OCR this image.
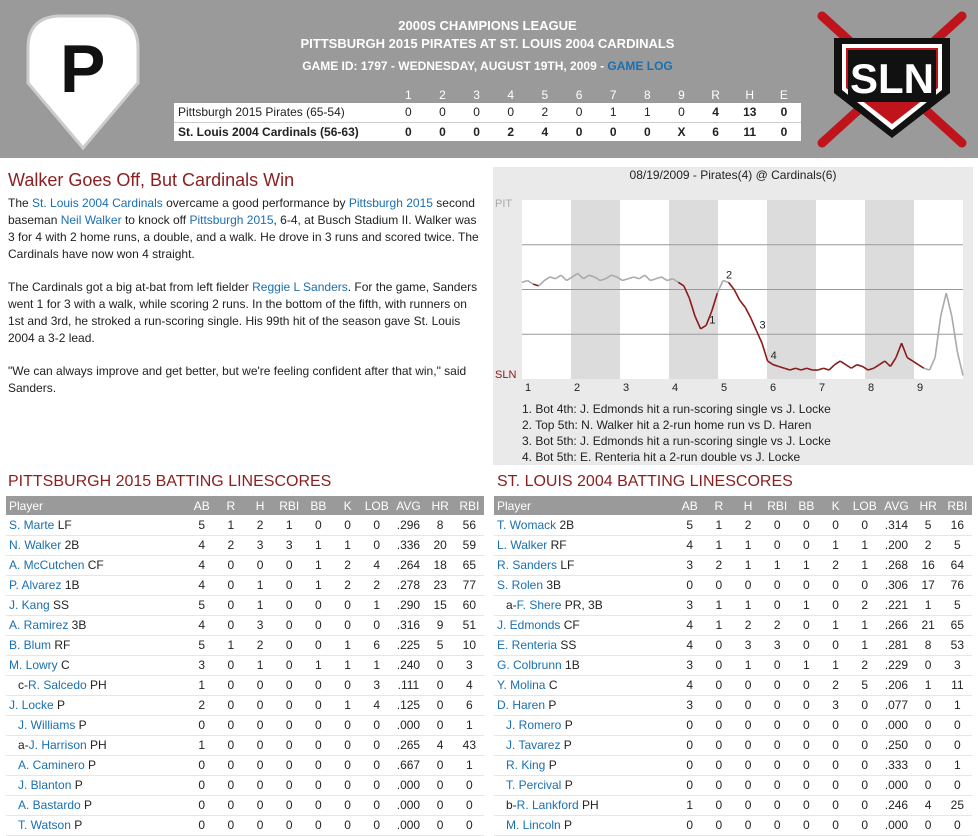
P
2000S CHAMPIONS LEAGUE
PITTSBURGH 2015 PIRATES AT ST. LOUIS 2004 CARDINALS
GAME ID: 1797 - WEDNESDAY, AUGUST 19TH, 2009 - GAME LOG
	1	2	3	4	5	6	7	8	9	R	H	E
Pittsburgh 2015 Pirates (65-54)	0	0	0	0	2	0	1	1	0	4	13	0
St. Louis 2004 Cardinals (56-63)	0	0	0	2	4	0	0	0	X	6	11	0
SLN
Walker Goes Off, But Cardinals Win

The St. Louis 2004 Cardinals overcame a good performance by Pittsburgh 2015 second baseman Neil Walker to knock off Pittsburgh 2015, 6-4, at Busch Stadium II. Walker was 3 for 4 with 2 home runs, a double, and a walk. He drove in 3 runs and scored twice. The Cardinals have now won 4 straight.

The Cardinals got a big at-bat from left fielder Reggie L Sanders. For the game, Sanders went 1 for 3 with a walk, while scoring 2 runs. In the bottom of the fifth, with runners on 1st and 3rd, he stroked a run-scoring single. His 99th hit of the season gave St. Louis 2004 a 3-2 lead.

"We can always improve and get better, but we're feeling confident after that win," said Sanders.

08/19/2009 - Pirates(4) @ Cardinals(6)
PIT
SLN
1	2	3	4	5	6	7	8	9
1
2
3
4
1. Bot 4th: J. Edmonds hit a run-scoring single vs J. Locke
2. Top 5th: N. Walker hit a 2-run home run vs D. Haren
3. Bot 5th: J. Edmonds hit a run-scoring single vs J. Locke
4. Bot 5th: E. Renteria hit a 2-run double vs J. Locke
PITTSBURGH 2015 BATTING LINESCORES	ST. LOUIS 2004 BATTING LINESCORES
Player	AB	R	H	RBI	BB	K	LOB	AVG	HR	RBI
S. Marte LF	5	1	2	1	0	0	0	.296	8	56
N. Walker 2B	4	2	3	3	1	1	0	.336	20	59
A. McCutchen CF	4	0	0	0	1	2	4	.264	18	65
P. Alvarez 1B	4	0	1	0	1	2	2	.278	23	77
J. Kang SS	5	0	1	0	0	0	1	.290	15	60
A. Ramirez 3B	4	0	3	0	0	0	0	.316	9	51
B. Blum RF	5	1	2	0	0	1	6	.225	5	10
M. Lowry C	3	0	1	0	1	1	1	.240	0	3
c-R. Salcedo PH	1	0	0	0	0	0	3	.111	0	4
J. Locke P	2	0	0	0	0	1	4	.125	0	6
J. Williams P	0	0	0	0	0	0	0	.000	0	1
a-J. Harrison PH	1	0	0	0	0	0	0	.265	4	43
A. Caminero P	0	0	0	0	0	0	0	.667	0	1
J. Blanton P	0	0	0	0	0	0	0	.000	0	0
A. Bastardo P	0	0	0	0	0	0	0	.000	0	0
T. Watson P	0	0	0	0	0	0	0	.000	0	0
Player	AB	R	H	RBI	BB	K	LOB	AVG	HR	RBI
T. Womack 2B	5	1	2	0	0	0	0	.314	5	16
L. Walker RF	4	1	1	0	0	1	1	.200	2	5
R. Sanders LF	3	2	1	1	1	2	1	.268	16	64
S. Rolen 3B	0	0	0	0	0	0	0	.306	17	76
a-F. Shere PR, 3B	3	1	1	0	1	0	2	.221	1	5
J. Edmonds CF	4	1	2	2	0	1	1	.266	21	65
E. Renteria SS	4	0	3	3	0	0	1	.281	8	53
G. Colbrunn 1B	3	0	1	0	1	1	2	.229	0	3
Y. Molina C	4	0	0	0	0	2	5	.206	1	11
D. Haren P	3	0	0	0	0	3	0	.077	0	1
J. Romero P	0	0	0	0	0	0	0	.000	0	0
J. Tavarez P	0	0	0	0	0	0	0	.250	0	0
R. King P	0	0	0	0	0	0	0	.333	0	1
T. Percival P	0	0	0	0	0	0	0	.000	0	0
b-R. Lankford PH	1	0	0	0	0	0	0	.246	4	25
M. Lincoln P	0	0	0	0	0	0	0	.000	0	0
